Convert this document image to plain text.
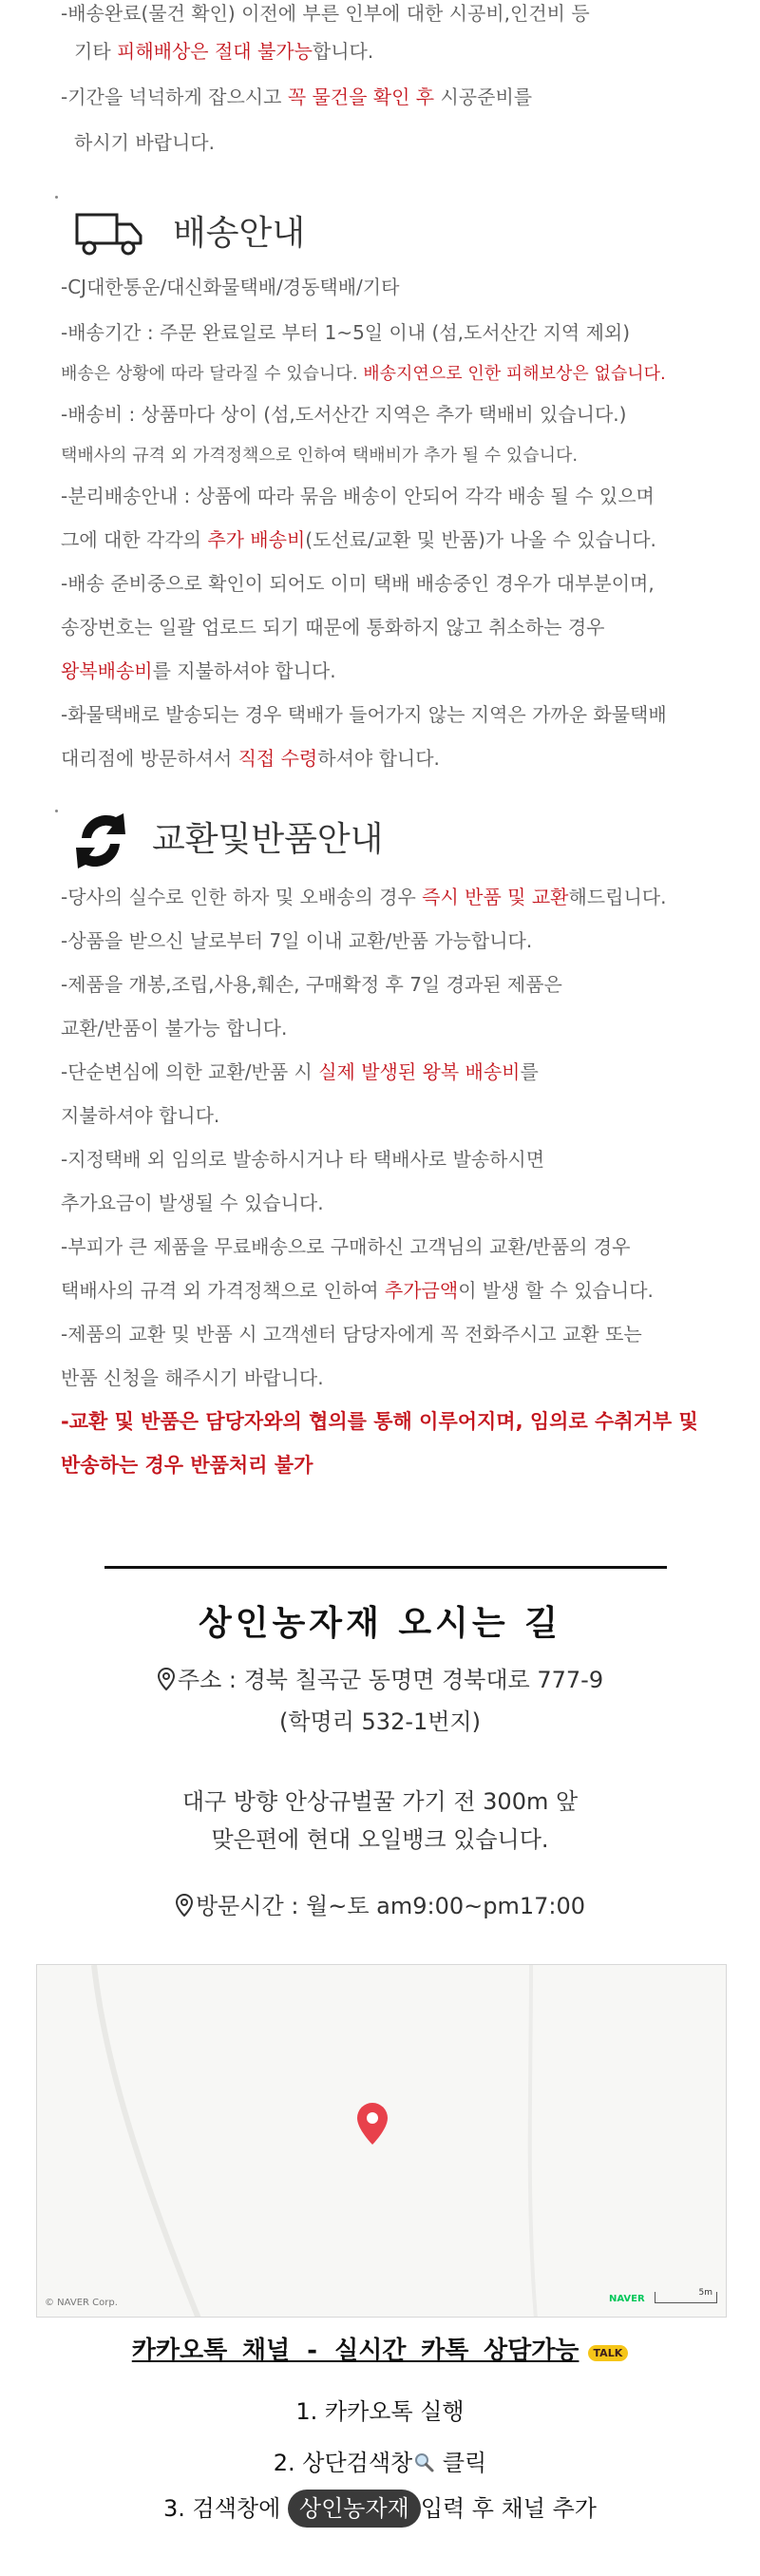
-배송완료(물건 확인) 이전에 부른 인부에 대한 시공비,인건비 등
기타 피해배상은 절대 불가능합니다.
-기간을 넉넉하게 잡으시고 꼭 물건을 확인 후 시공준비를
하시기 바랍니다.
배송안내
-CJ대한통운/대신화물택배/경동택배/기타
-배송기간 : 주문 완료일로 부터 1~5일 이내 (섬,도서산간 지역 제외)
배송은 상황에 따라 달라질 수 있습니다. 배송지연으로 인한 피해보상은 없습니다.
-배송비 : 상품마다 상이 (섬,도서산간 지역은 추가 택배비 있습니다.)
택배사의 규격 외 가격정책으로 인하여 택배비가 추가 될 수 있습니다.
-분리배송안내 : 상품에 따라 묶음 배송이 안되어 각각 배송 될 수 있으며
그에 대한 각각의 추가 배송비(도선료/교환 및 반품)가 나올 수 있습니다.
-배송 준비중으로 확인이 되어도 이미 택배 배송중인 경우가 대부분이며,
송장번호는 일괄 업로드 되기 때문에 통화하지 않고 취소하는 경우
왕복배송비를 지불하셔야 합니다.
-화물택배로 발송되는 경우 택배가 들어가지 않는 지역은 가까운 화물택배
대리점에 방문하셔서 직접 수령하셔야 합니다.
교환및반품안내
-당사의 실수로 인한 하자 및 오배송의 경우 즉시 반품 및 교환해드립니다.
-상품을 받으신 날로부터 7일 이내 교환/반품 가능합니다.
-제품을 개봉,조립,사용,훼손, 구매확정 후 7일 경과된 제품은
교환/반품이 불가능 합니다.
-단순변심에 의한 교환/반품 시 실제 발생된 왕복 배송비를
지불하셔야 합니다.
-지정택배 외 임의로 발송하시거나 타 택배사로 발송하시면
추가요금이 발생될 수 있습니다.
-부피가 큰 제품을 무료배송으로 구매하신 고객님의 교환/반품의 경우
택배사의 규격 외 가격정책으로 인하여 추가금액이 발생 할 수 있습니다.
-제품의 교환 및 반품 시 고객센터 담당자에게 꼭 전화주시고 교환 또는
반품 신청을 해주시기 바랍니다.
-교환 및 반품은 담당자와의 협의를 통해 이루어지며, 임의로 수취거부 및
반송하는 경우 반품처리 불가
상인농자재 오시는 길
주소 : 경북 칠곡군 동명면 경북대로 777-9
(학명리 532-1번지)
대구 방향 안상규벌꿀 가기 전 300m 앞
맞은편에 현대 오일뱅크 있습니다.
방문시간 : 월~토 am9:00~pm17:00
© NAVER Corp.	NAVER
5m
카카오톡 채널 - 실시간 카톡 상담가능 TALK
1. 카카오톡 실행
2. 상단검색창 클릭
3. 검색창에 상인농자재 입력 후 채널 추가
